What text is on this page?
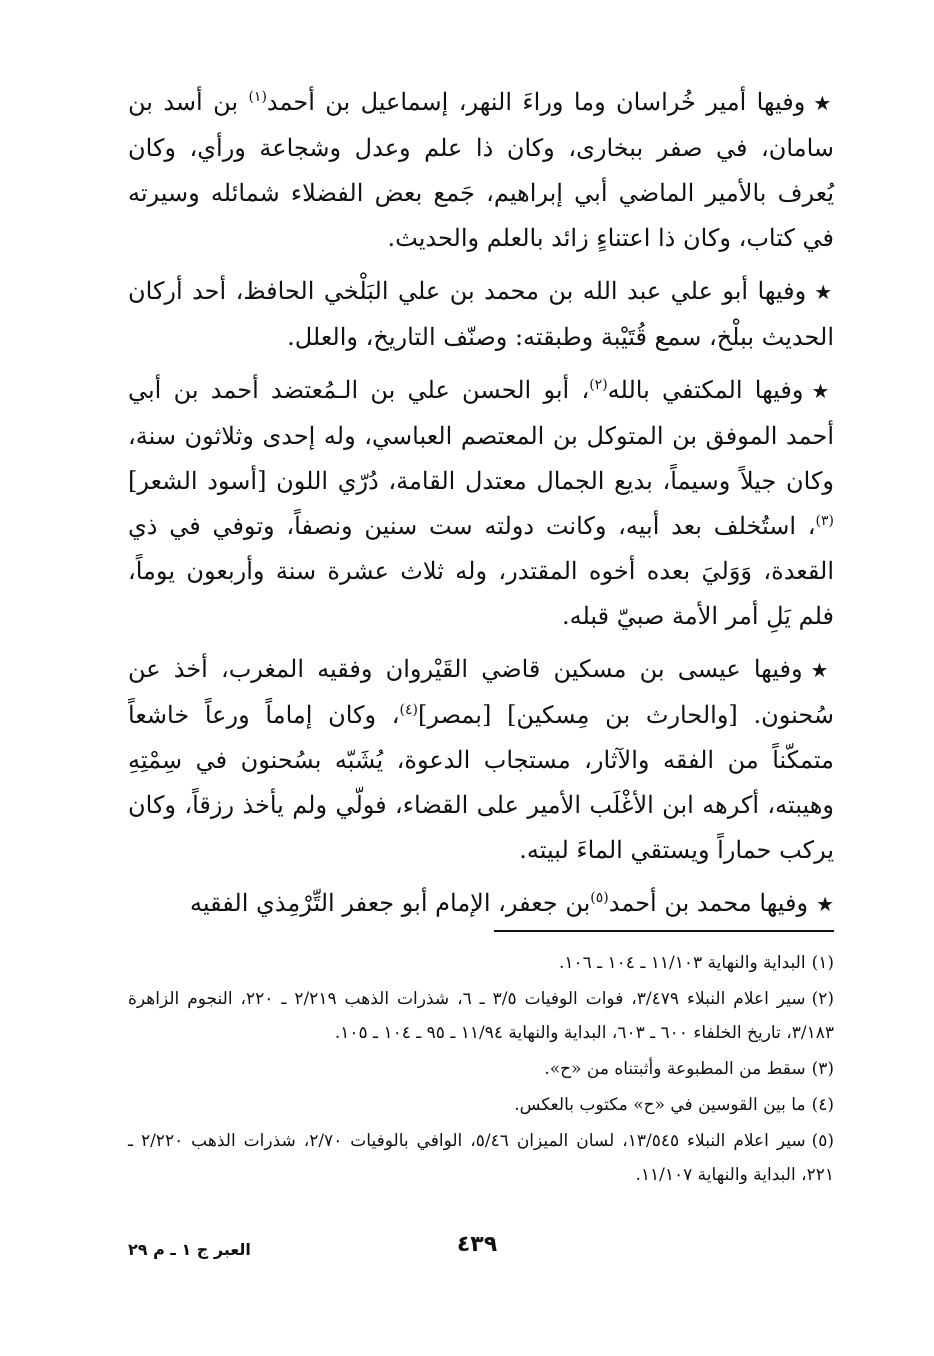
★وفيها أمير خُراسان وما وراءَ النهر، إسماعيل بن أحمد$^{(١)}$ بن أسد بن سامان، في صفر ببخارى، وكان ذا علم وعدل وشجاعة ورأي، وكان يُعرف بالأمير الماضي أبي إبراهيم، جَمع بعض الفضلاء شمائله وسيرته في كتاب، وكان ذا اعتناءٍ زائد بالعلم والحديث.

★وفيها أبو علي عبد الله بن محمد بن علي البَلْخي الحافظ، أحد أركان الحديث ببلْخ، سمع قُتَيْبة وطبقته: وصنّف التاريخ، والعلل.

★وفيها المكتفي بالله$^{(٢)}$، أبو الحسن علي بن الـمُعتضد أحمد بن أبي أحمد الموفق بن المتوكل بن المعتصم العباسي، وله إحدى وثلاثون سنة، وكان جيلاً وسيماً، بديع الجمال معتدل القامة، دُرّي اللون [أسود الشعر]$^{(٣)}$، استُخلف بعد أبيه، وكانت دولته ست سنين ونصفاً، وتوفي في ذي القعدة، وَوَليَ بعده أخوه المقتدر، وله ثلاث عشرة سنة وأربعون يوماً، فلم يَلِ أمر الأمة صبيّ قبله.

★وفيها عيسى بن مسكين قاضي القَيْروان وفقيه المغرب، أخذ عن سُحنون. [والحارث بن مِسكين] [بمصر]$^{(٤)}$، وكان إماماً ورعاً خاشعاً متمكّناً من الفقه والآثار، مستجاب الدعوة، يُشَبّه بسُحنون في سِمْتِهِ وهيبته، أكرهه ابن الأغْلَب الأمير على القضاء، فولّي ولم يأخذ رزقاً، وكان يركب حماراً ويستقي الماءَ لبيته.

★وفيها محمد بن أحمد$^{(٥)}$بن جعفر، الإمام أبو جعفر التِّرْمِذي الفقيه

(١)البداية والنهاية ١١/١٠٣ ـ ١٠٤ ـ ١٠٦.

(٢)سير اعلام النبلاء ٣/٤٧٩، فوات الوفيات ٣/٥ ـ ٦، شذرات الذهب ٢/٢١٩ ـ ٢٢٠، النجوم الزاهرة ٣/١٨٣، تاريخ الخلفاء ٦٠٠ ـ ٦٠٣، البداية والنهاية ١١/٩٤ ـ ٩٥ ـ ١٠٤ ـ ١٠٥.

(٣)سقط من المطبوعة وأثبتناه من «ح».

(٤)ما بين القوسين في «ح» مكتوب بالعكس.

(٥)سير اعلام النبلاء ١٣/٥٤٥، لسان الميزان ٥/٤٦، الوافي بالوفيات ٢/٧٠، شذرات الذهب ٢/٢٢٠ ـ ٢٢١، البداية والنهاية ١١/١٠٧.

العبر ج ١ ـ م ٢٩	٤٣٩
